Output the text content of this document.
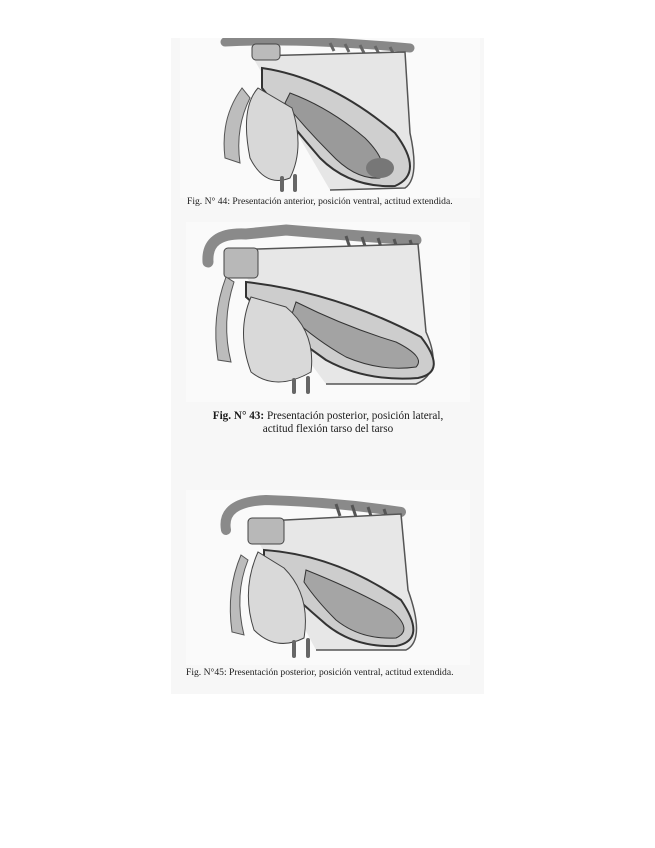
Fig. N° 44: Presentación anterior, posición ventral, actitud extendida.
Fig. N° 43: Presentación posterior, posición lateral,
actitud flexión tarso del tarso
Fig. N°45: Presentación posterior, posición ventral, actitud extendida.
